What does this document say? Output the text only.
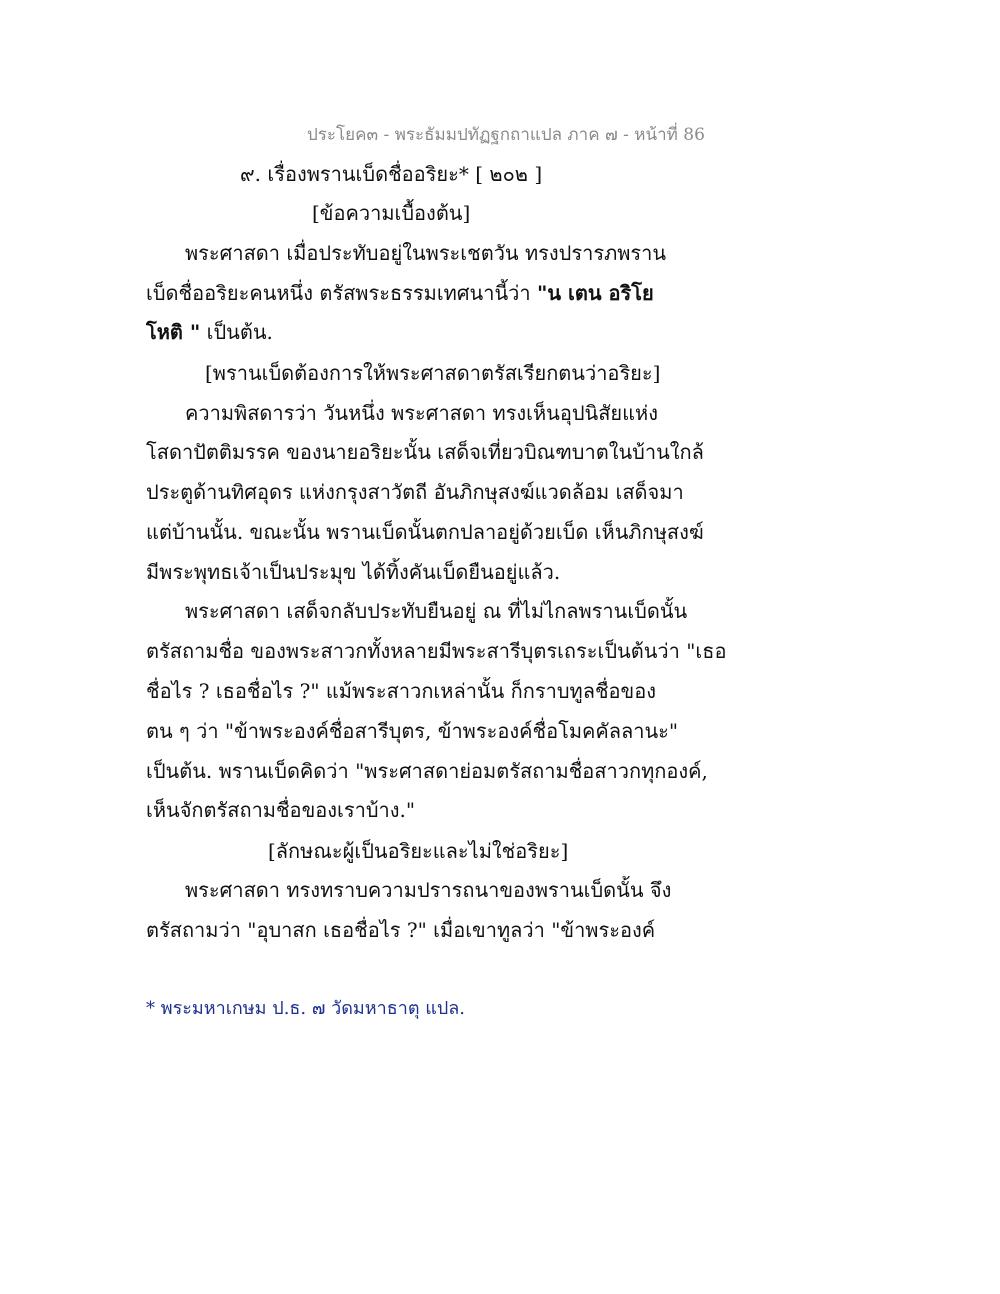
ประโยค๓ - พระธัมมปทัฏฐกถาแปล ภาค ๗ - หน้าที่ 86
๙. เรื่องพรานเบ็ดชื่ออริยะ* [ ๒๐๒ ]
[ข้อความเบื้องต้น]
พระศาสดา เมื่อประทับอยู่ในพระเชตวัน ทรงปรารภพราน
เบ็ดชื่ออริยะคนหนึ่ง ตรัสพระธรรมเทศนานี้ว่า "น เตน อริโย
โหติ " เป็นต้น.
[พรานเบ็ดต้องการให้พระศาสดาตรัสเรียกตนว่าอริยะ]
ความพิสดารว่า วันหนึ่ง พระศาสดา ทรงเห็นอุปนิสัยแห่ง
โสดาปัตติมรรค ของนายอริยะนั้น เสด็จเที่ยวบิณฑบาตในบ้านใกล้
ประตูด้านทิศอุดร แห่งกรุงสาวัตถี อันภิกษุสงฆ์แวดล้อม เสด็จมา
แต่บ้านนั้น. ขณะนั้น พรานเบ็ดนั้นตกปลาอยู่ด้วยเบ็ด เห็นภิกษุสงฆ์
มีพระพุทธเจ้าเป็นประมุข ได้ทิ้งคันเบ็ดยืนอยู่แล้ว.
พระศาสดา เสด็จกลับประทับยืนอยู่ ณ ที่ไม่ไกลพรานเบ็ดนั้น
ตรัสถามชื่อ ของพระสาวกทั้งหลายมีพระสารีบุตรเถระเป็นต้นว่า "เธอ
ชื่อไร ? เธอชื่อไร ?" แม้พระสาวกเหล่านั้น ก็กราบทูลชื่อของ
ตน ๆ ว่า "ข้าพระองค์ชื่อสารีบุตร, ข้าพระองค์ชื่อโมคคัลลานะ"
เป็นต้น. พรานเบ็ดคิดว่า "พระศาสดาย่อมตรัสถามชื่อสาวกทุกองค์,
เห็นจักตรัสถามชื่อของเราบ้าง."
[ลักษณะผู้เป็นอริยะและไม่ใช่อริยะ]
พระศาสดา ทรงทราบความปรารถนาของพรานเบ็ดนั้น จึง
ตรัสถามว่า "อุบาสก เธอชื่อไร ?" เมื่อเขาทูลว่า "ข้าพระองค์
* พระมหาเกษม ป.ธ. ๗ วัดมหาธาตุ แปล.
